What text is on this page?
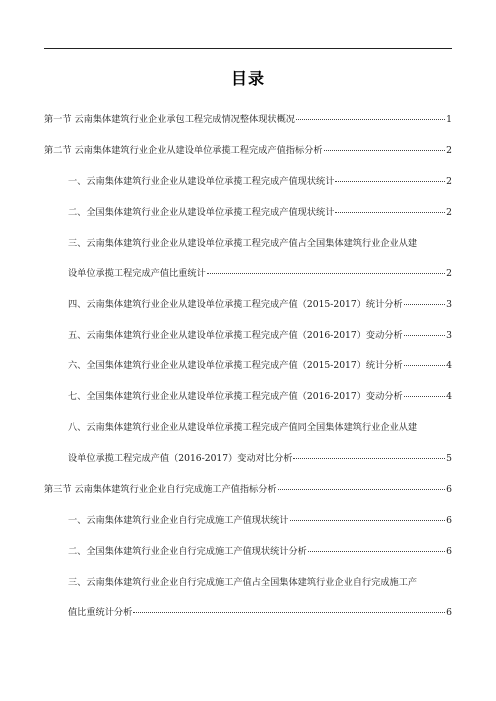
目录
第一节 云南集体建筑行业企业承包工程完成情况整体现状概况	1
第二节 云南集体建筑行业企业从建设单位承揽工程完成产值指标分析	2
一、云南集体建筑行业企业从建设单位承揽工程完成产值现状统计	2
二、全国集体建筑行业企业从建设单位承揽工程完成产值现状统计	2
三、云南集体建筑行业企业从建设单位承揽工程完成产值占全国集体建筑行业企业从建
设单位承揽工程完成产值比重统计	2
四、云南集体建筑行业企业从建设单位承揽工程完成产值（2015-2017）统计分析	3
五、云南集体建筑行业企业从建设单位承揽工程完成产值（2016-2017）变动分析	3
六、全国集体建筑行业企业从建设单位承揽工程完成产值（2015-2017）统计分析	4
七、全国集体建筑行业企业从建设单位承揽工程完成产值（2016-2017）变动分析	4
八、云南集体建筑行业企业从建设单位承揽工程完成产值同全国集体建筑行业企业从建
设单位承揽工程完成产值（2016-2017）变动对比分析	5
第三节 云南集体建筑行业企业自行完成施工产值指标分析	6
一、云南集体建筑行业企业自行完成施工产值现状统计	6
二、全国集体建筑行业企业自行完成施工产值现状统计分析	6
三、云南集体建筑行业企业自行完成施工产值占全国集体建筑行业企业自行完成施工产
值比重统计分析	6
